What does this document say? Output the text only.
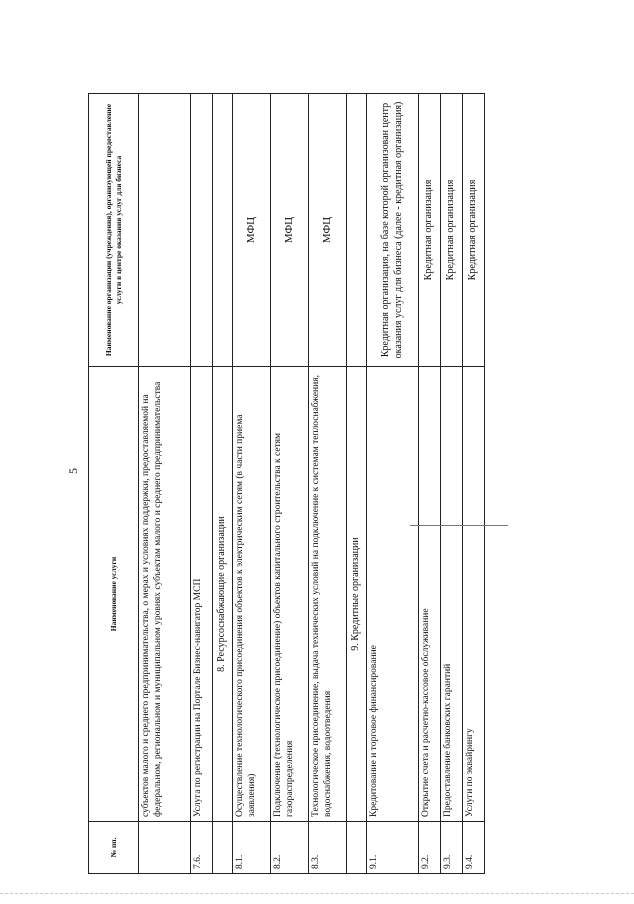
5
№ пп.	Наименование услуги	Наименование организации (учреждения), организующей предоставление услуги в центре оказания услуг для бизнеса
	субъектов малого и среднего предпринимательства, о мерах и условиях поддержки, предоставляемой на федеральном, региональном и муниципальном уровнях субъектам малого и среднего предпринимательства	
7.6.	Услуга по регистрации на Портале Бизнес-навигатор МСП	
	8. Ресурсоснабжающие организации	
8.1.	Осуществление технологического присоединения объектов к электрическим сетям (в части приема заявления)	МФЦ
8.2.	Подключение (технологическое присоединение) объектов капитального строительства к сетям газораспределения	МФЦ
8.3.	Технологическое присоединение, выдача технических условий на подключение к системам теплоснабжения, водоснабжения, водоотведения	МФЦ
	9. Кредитные организации	
9.1.	Кредитование и торговое финансирование	Кредитная организация, на базе которой организован центр оказания услуг для бизнеса (далее - кредитная организация)
9.2.	Открытие счета и расчетно-кассовое обслуживание	Кредитная организация
9.3.	Предоставление банковских гарантий	Кредитная организация
9.4.	Услуги по эквайрингу	Кредитная организация
